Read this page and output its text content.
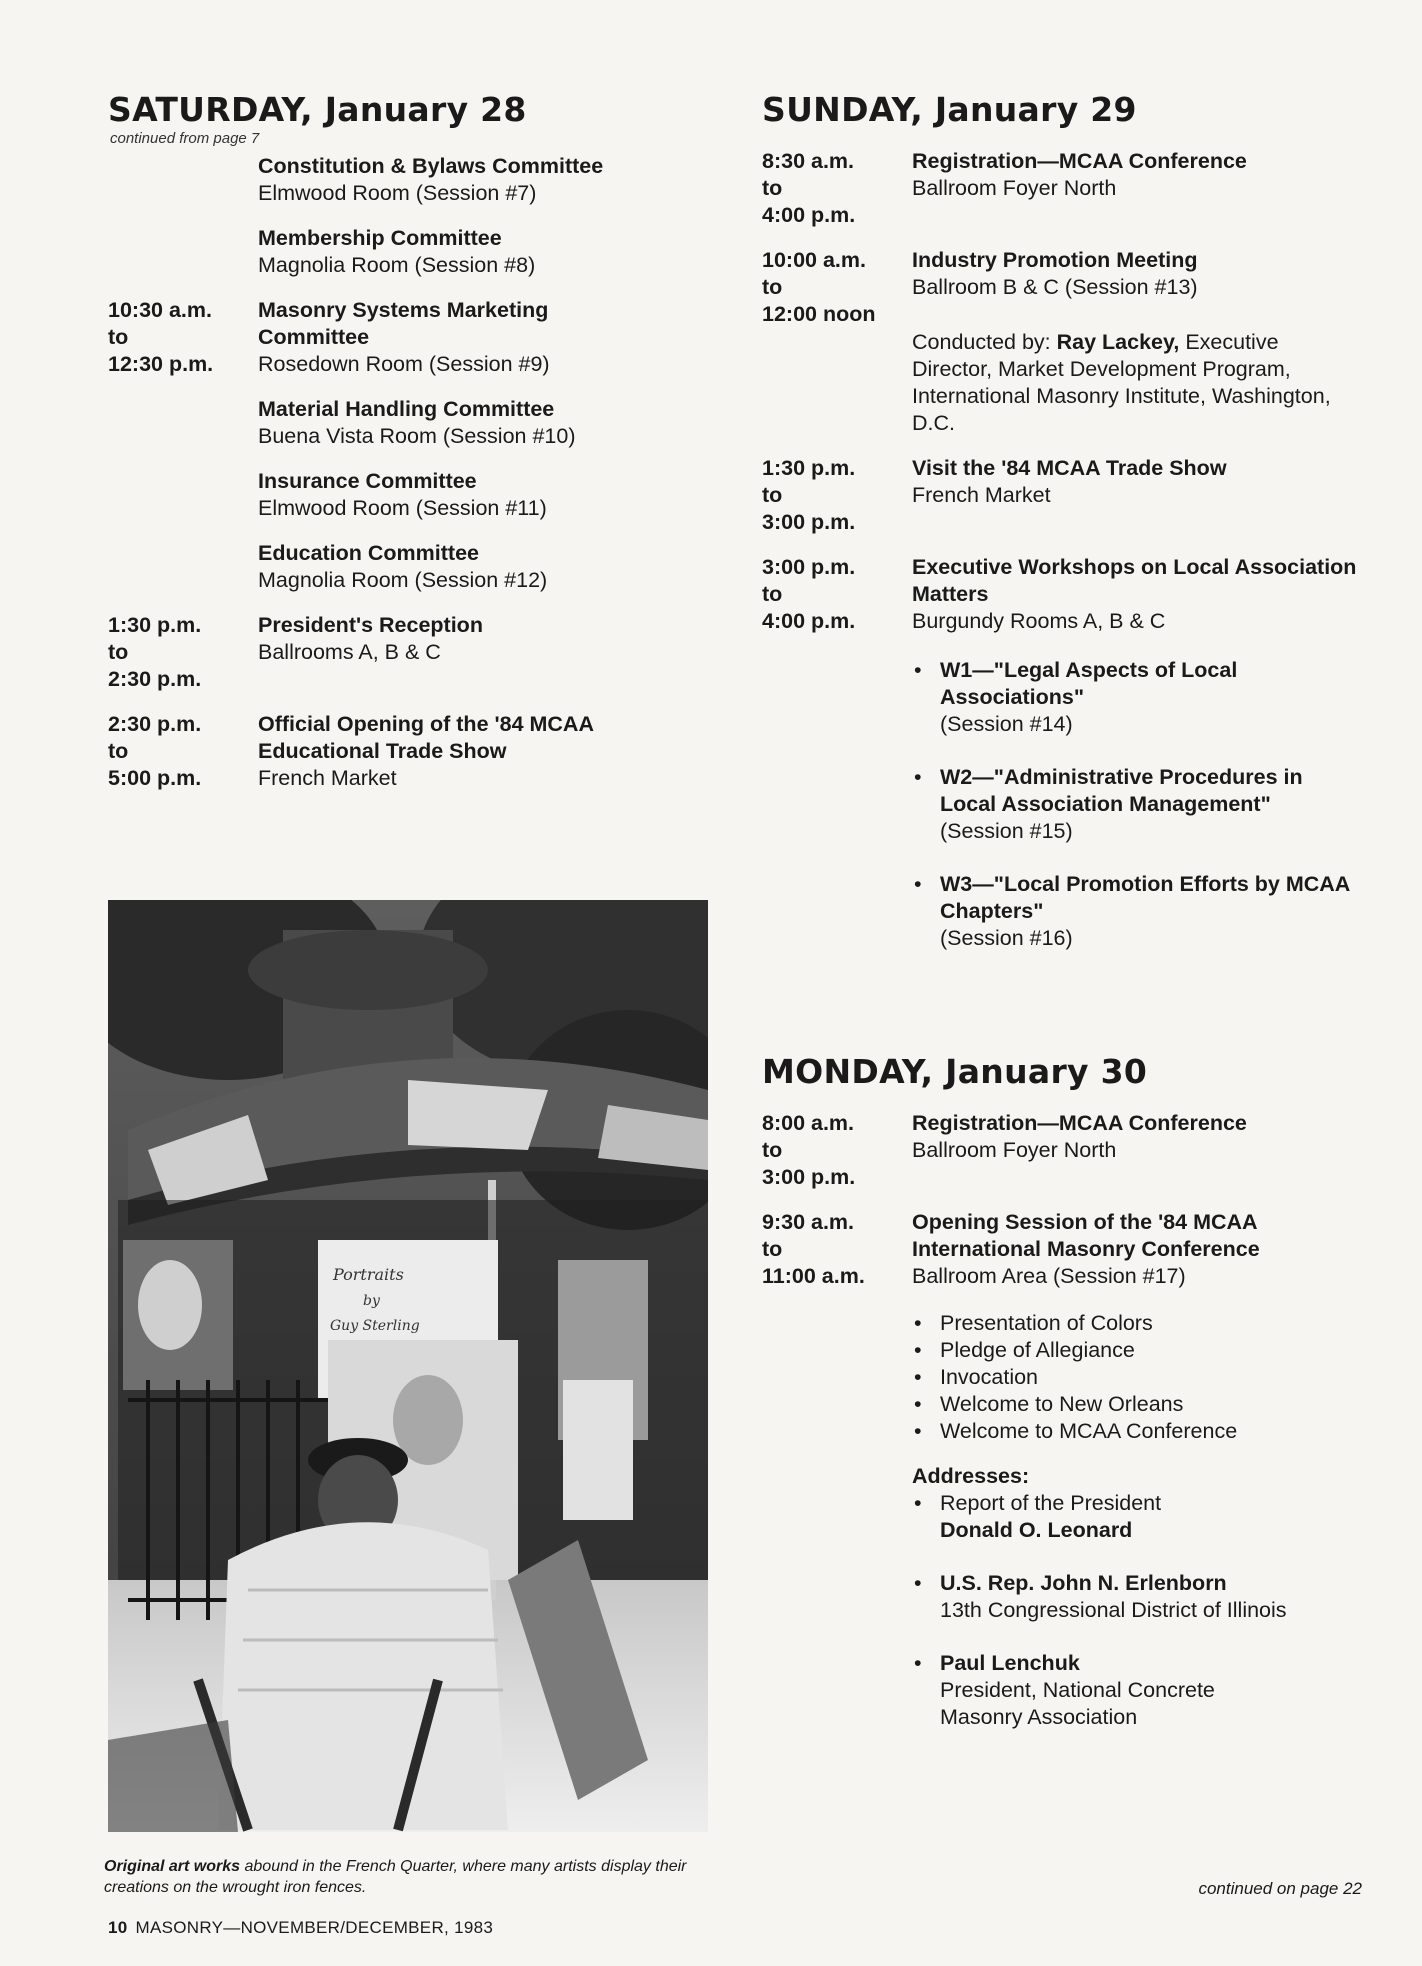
SATURDAY, January 28

continued from page 7

Constitution & Bylaws Committee
Elmwood Room (Session #7)
Membership Committee
Magnolia Room (Session #8)
10:30 a.m.
to
12:30 p.m.
Masonry Systems Marketing Committee
Rosedown Room (Session #9)
Material Handling Committee
Buena Vista Room (Session #10)
Insurance Committee
Elmwood Room (Session #11)
Education Committee
Magnolia Room (Session #12)
1:30 p.m.
to
2:30 p.m.
President's Reception
Ballrooms A, B & C
2:30 p.m.
to
5:00 p.m.
Official Opening of the '84 MCAA Educational Trade Show
French Market
Portraits
by
Guy Sterling

Original art works abound in the French Quarter, where many artists display their creations on the wrought iron fences.

SUNDAY, January 29
8:30 a.m.
to
4:00 p.m.
Registration—MCAA Conference
Ballroom Foyer North
10:00 a.m.
to
12:00 noon
Industry Promotion Meeting
Ballroom B & C (Session #13)
Conducted by: Ray Lackey, Executive Director, Market Development Program, International Masonry Institute, Washington, D.C.
1:30 p.m.
to
3:00 p.m.
Visit the '84 MCAA Trade Show
French Market
3:00 p.m.
to
4:00 p.m.
Executive Workshops on Local Association Matters
Burgundy Rooms A, B & C
• W1—"Legal Aspects of Local Associations"
(Session #14)
• W2—"Administrative Procedures in Local Association Management"
(Session #15)
• W3—"Local Promotion Efforts by MCAA Chapters"
(Session #16)
MONDAY, January 30
8:00 a.m.
to
3:00 p.m.
Registration—MCAA Conference
Ballroom Foyer North
9:30 a.m.
to
11:00 a.m.
Opening Session of the '84 MCAA International Masonry Conference
Ballroom Area (Session #17)
• Presentation of Colors
• Pledge of Allegiance
• Invocation
• Welcome to New Orleans
• Welcome to MCAA Conference
Addresses:
• Report of the President
Donald O. Leonard
• U.S. Rep. John N. Erlenborn
13th Congressional District of Illinois
• Paul Lenchuk
President, National Concrete Masonry Association

continued on page 22

10 MASONRY—NOVEMBER/DECEMBER, 1983
